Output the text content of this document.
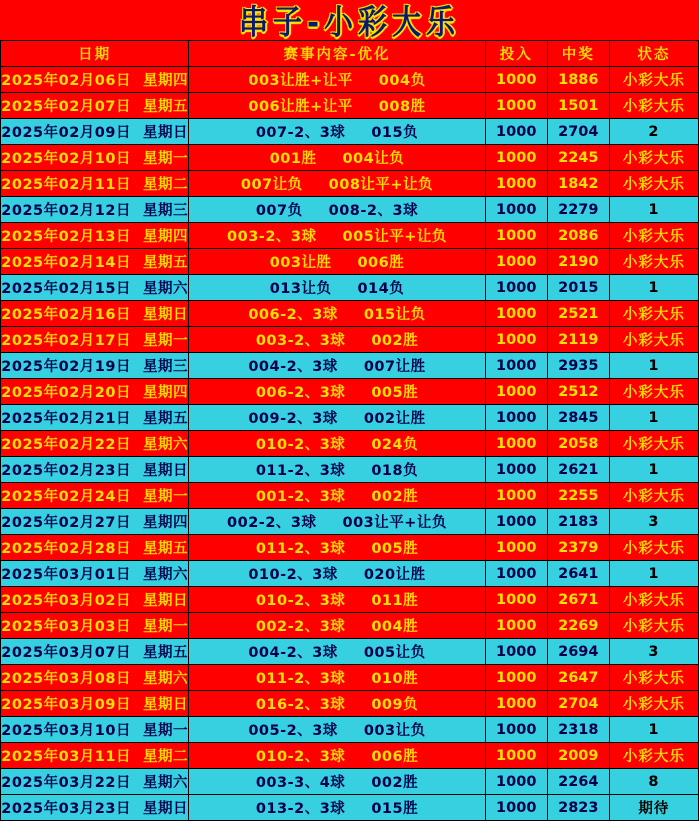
串子-小彩大乐
日期	赛事内容-优化	投入	中奖	状态

2025年02月06日 星期四	003让胜+让平 004负	1000	1886	小彩大乐

2025年02月07日 星期五	006让胜+让平 008胜	1000	1501	小彩大乐

2025年02月09日 星期日	007-2、3球 015负	1000	2704	2

2025年02月10日 星期一	001胜 004让负	1000	2245	小彩大乐

2025年02月11日 星期二	007让负 008让平+让负	1000	1842	小彩大乐

2025年02月12日 星期三	007负 008-2、3球	1000	2279	1

2025年02月13日 星期四	003-2、3球 005让平+让负	1000	2086	小彩大乐

2025年02月14日 星期五	003让胜 006胜	1000	2190	小彩大乐

2025年02月15日 星期六	013让负 014负	1000	2015	1

2025年02月16日 星期日	006-2、3球 015让负	1000	2521	小彩大乐

2025年02月17日 星期一	003-2、3球 002胜	1000	2119	小彩大乐

2025年02月19日 星期三	004-2、3球 007让胜	1000	2935	1

2025年02月20日 星期四	006-2、3球 005胜	1000	2512	小彩大乐

2025年02月21日 星期五	009-2、3球 002让胜	1000	2845	1

2025年02月22日 星期六	010-2、3球 024负	1000	2058	小彩大乐

2025年02月23日 星期日	011-2、3球 018负	1000	2621	1

2025年02月24日 星期一	001-2、3球 002胜	1000	2255	小彩大乐

2025年02月27日 星期四	002-2、3球 003让平+让负	1000	2183	3

2025年02月28日 星期五	011-2、3球 005胜	1000	2379	小彩大乐

2025年03月01日 星期六	010-2、3球 020让胜	1000	2641	1

2025年03月02日 星期日	010-2、3球 011胜	1000	2671	小彩大乐

2025年03月03日 星期一	002-2、3球 004胜	1000	2269	小彩大乐

2025年03月07日 星期五	004-2、3球 005让负	1000	2694	3

2025年03月08日 星期六	011-2、3球 010胜	1000	2647	小彩大乐

2025年03月09日 星期日	016-2、3球 009负	1000	2704	小彩大乐

2025年03月10日 星期一	005-2、3球 003让负	1000	2318	1

2025年03月11日 星期二	010-2、3球 006胜	1000	2009	小彩大乐

2025年03月22日 星期六	003-3、4球 002胜	1000	2264	8

2025年03月23日 星期日	013-2、3球 015胜	1000	2823	期待
